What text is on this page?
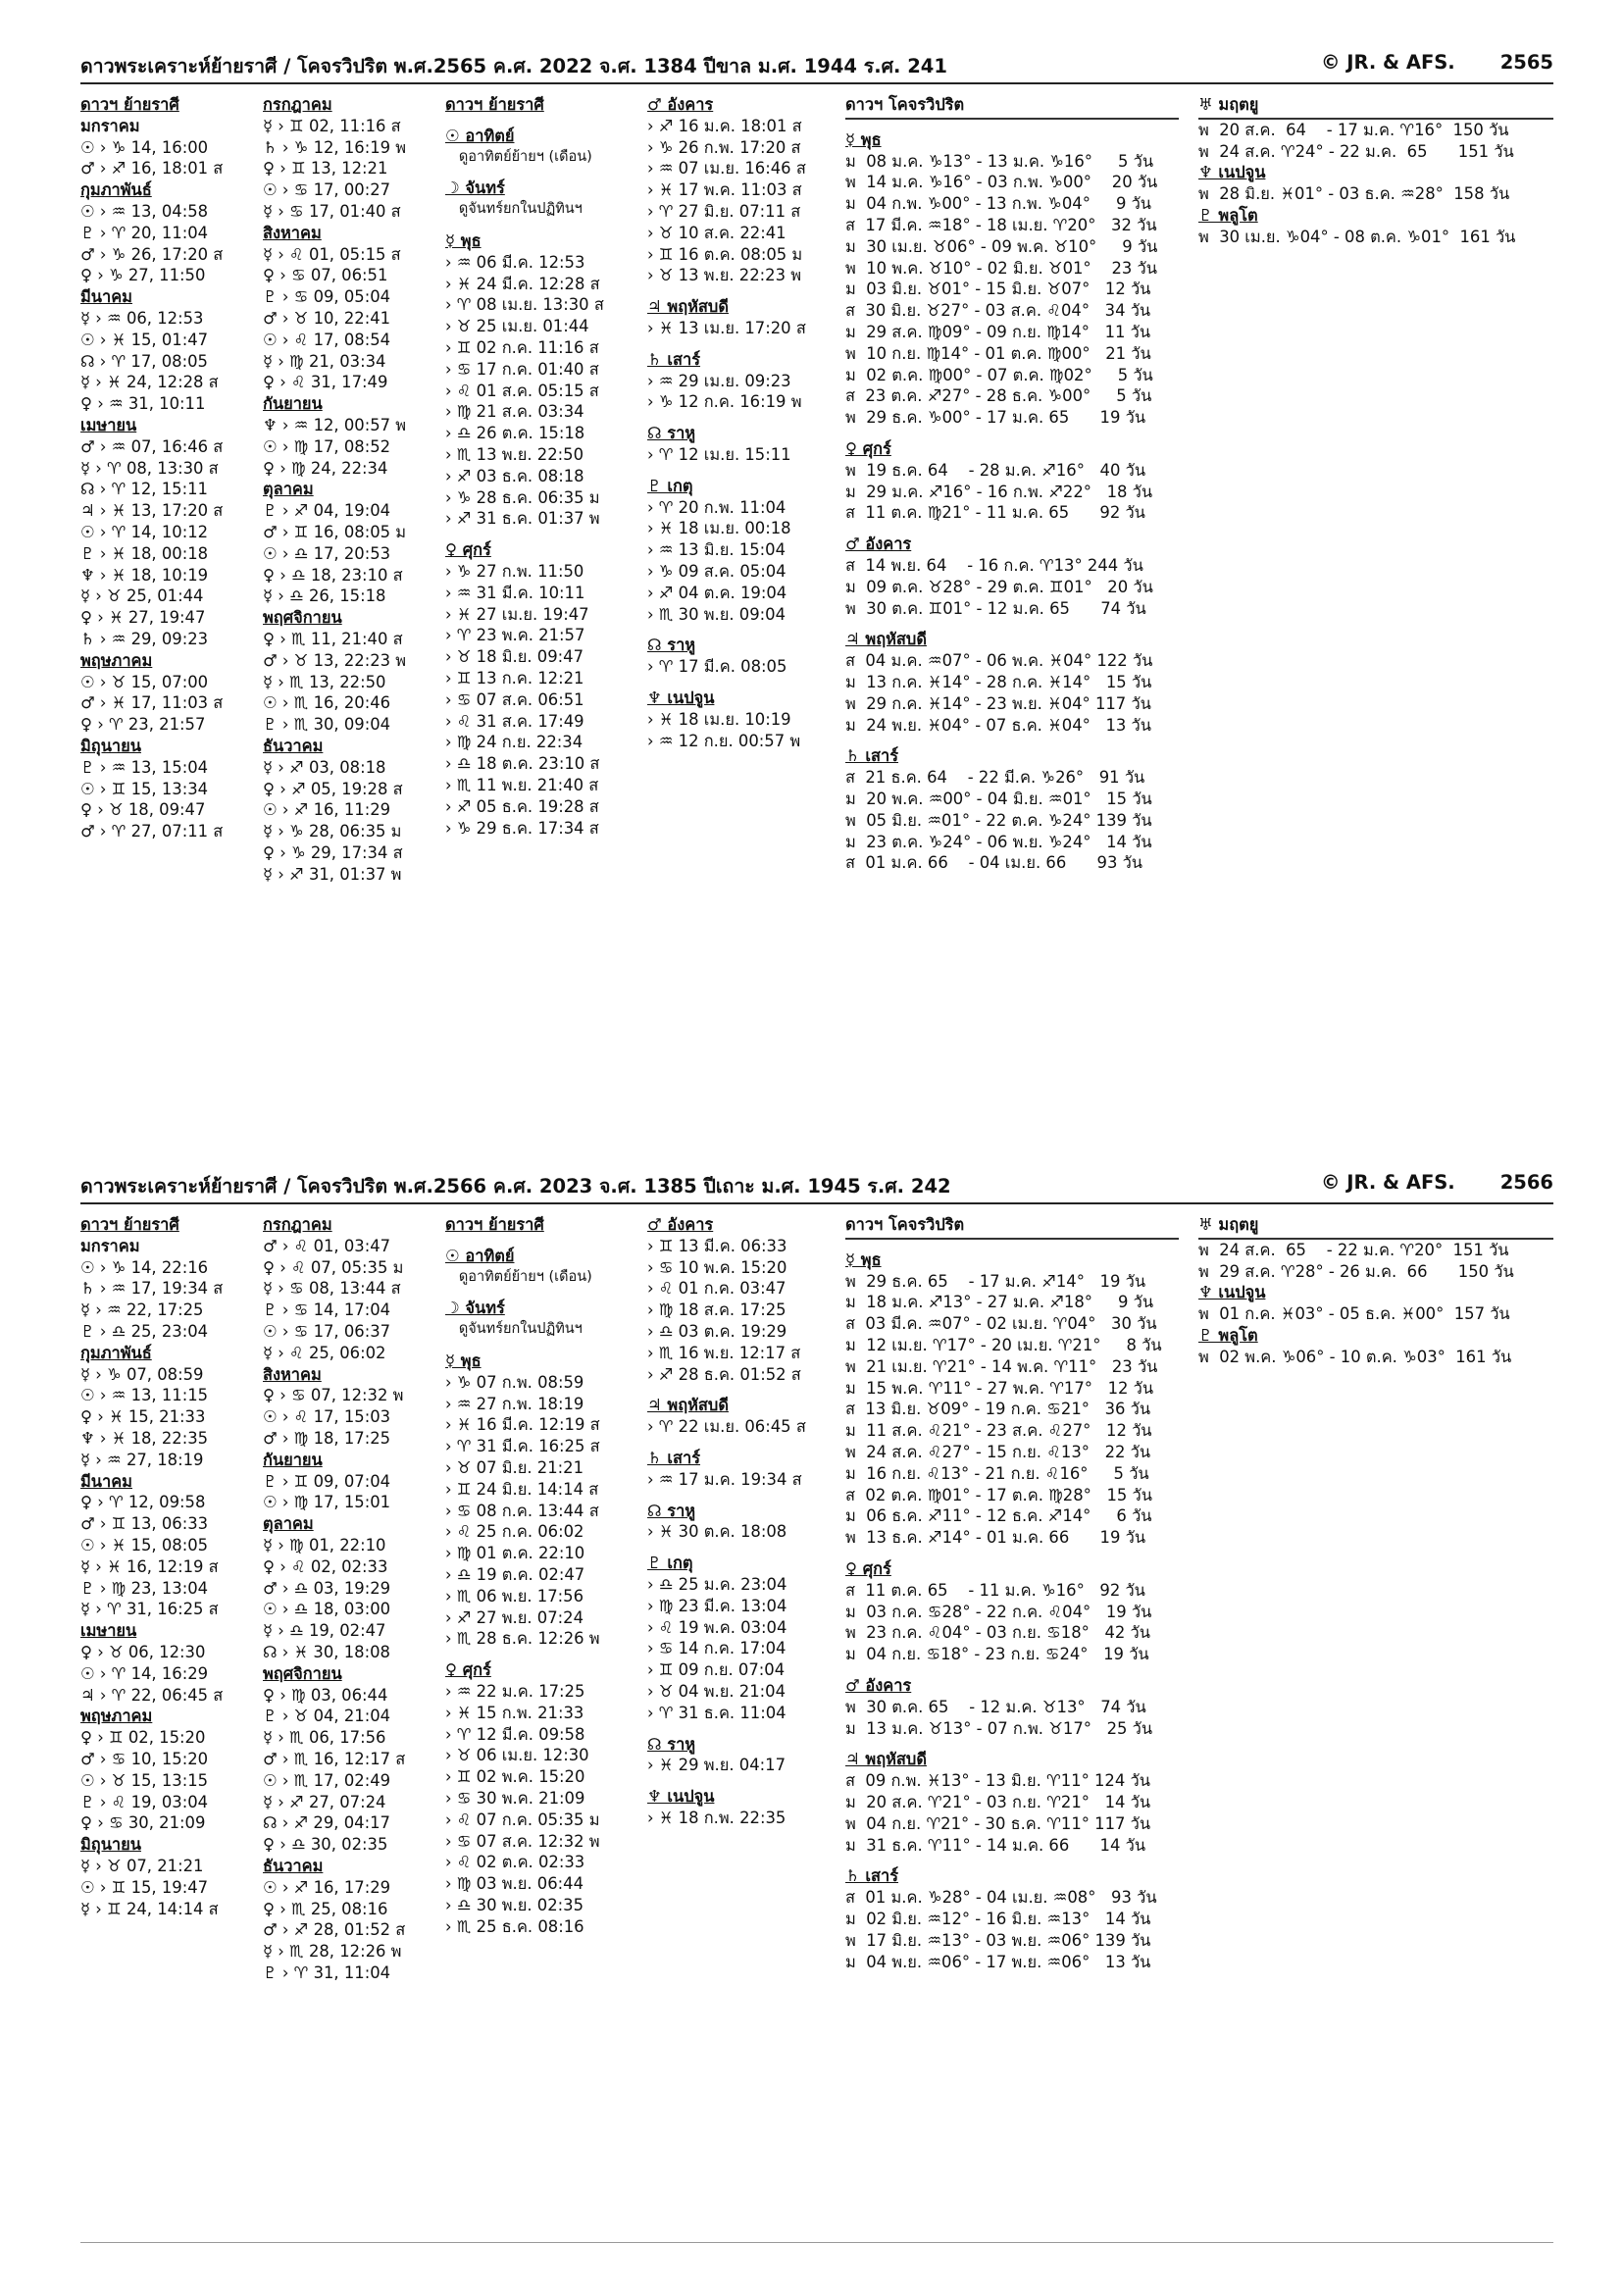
ดาวพระเคราะห์ย้ายราศี / โคจรวิปริต พ.ศ.2565 ค.ศ. 2022 จ.ศ. 1384 ปีขาล ม.ศ. 1944 ร.ศ. 241	© JR. & AFS. 2565
ดาวฯ ย้ายราศี
มกราคม
☉ › ♑ 14, 16:00
♂ › ♐ 16, 18:01 ส
กุมภาพันธ์
☉ › ♒ 13, 04:58
♇ › ♈ 20, 11:04
♂ › ♑ 26, 17:20 ส
♀ › ♑ 27, 11:50
มีนาคม
☿ › ♒ 06, 12:53
☉ › ♓ 15, 01:47
☊ › ♈ 17, 08:05
☿ › ♓ 24, 12:28 ส
♀ › ♒ 31, 10:11
เมษายน
♂ › ♒ 07, 16:46 ส
☿ › ♈ 08, 13:30 ส
☊ › ♈ 12, 15:11
♃ › ♓ 13, 17:20 ส
☉ › ♈ 14, 10:12
♇ › ♓ 18, 00:18
♆ › ♓ 18, 10:19
☿ › ♉ 25, 01:44
♀ › ♓ 27, 19:47
♄ › ♒ 29, 09:23
พฤษภาคม
☉ › ♉ 15, 07:00
♂ › ♓ 17, 11:03 ส
♀ › ♈ 23, 21:57
มิถุนายน
♇ › ♒ 13, 15:04
☉ › ♊ 15, 13:34
♀ › ♉ 18, 09:47
♂ › ♈ 27, 07:11 ส
กรกฎาคม
☿ › ♊ 02, 11:16 ส
♄ › ♑ 12, 16:19 พ
♀ › ♊ 13, 12:21
☉ › ♋ 17, 00:27
☿ › ♋ 17, 01:40 ส
สิงหาคม
☿ › ♌ 01, 05:15 ส
♀ › ♋ 07, 06:51
♇ › ♋ 09, 05:04
♂ › ♉ 10, 22:41
☉ › ♌ 17, 08:54
☿ › ♍ 21, 03:34
♀ › ♌ 31, 17:49
กันยายน
♆ › ♒ 12, 00:57 พ
☉ › ♍ 17, 08:52
♀ › ♍ 24, 22:34
ตุลาคม
♇ › ♐ 04, 19:04
♂ › ♊ 16, 08:05 ม
☉ › ♎ 17, 20:53
♀ › ♎ 18, 23:10 ส
☿ › ♎ 26, 15:18
พฤศจิกายน
♀ › ♏ 11, 21:40 ส
♂ › ♉ 13, 22:23 พ
☿ › ♏ 13, 22:50
☉ › ♏ 16, 20:46
♇ › ♏ 30, 09:04
ธันวาคม
☿ › ♐ 03, 08:18
♀ › ♐ 05, 19:28 ส
☉ › ♐ 16, 11:29
☿ › ♑ 28, 06:35 ม
♀ › ♑ 29, 17:34 ส
☿ › ♐ 31, 01:37 พ
ดาวฯ ย้ายราศี
☉ อาทิตย์
ดูอาทิตย์ย้ายฯ (เดือน)
☽ จันทร์
ดูจันทร์ยกในปฏิทินฯ
☿ พุธ
› ♒ 06 มี.ค. 12:53
› ♓ 24 มี.ค. 12:28 ส
› ♈ 08 เม.ย. 13:30 ส
› ♉ 25 เม.ย. 01:44
› ♊ 02 ก.ค. 11:16 ส
› ♋ 17 ก.ค. 01:40 ส
› ♌ 01 ส.ค. 05:15 ส
› ♍ 21 ส.ค. 03:34
› ♎ 26 ต.ค. 15:18
› ♏ 13 พ.ย. 22:50
› ♐ 03 ธ.ค. 08:18
› ♑ 28 ธ.ค. 06:35 ม
› ♐ 31 ธ.ค. 01:37 พ
♀ ศุกร์
› ♑ 27 ก.พ. 11:50
› ♒ 31 มี.ค. 10:11
› ♓ 27 เม.ย. 19:47
› ♈ 23 พ.ค. 21:57
› ♉ 18 มิ.ย. 09:47
› ♊ 13 ก.ค. 12:21
› ♋ 07 ส.ค. 06:51
› ♌ 31 ส.ค. 17:49
› ♍ 24 ก.ย. 22:34
› ♎ 18 ต.ค. 23:10 ส
› ♏ 11 พ.ย. 21:40 ส
› ♐ 05 ธ.ค. 19:28 ส
› ♑ 29 ธ.ค. 17:34 ส
♂ อังคาร
› ♐ 16 ม.ค. 18:01 ส
› ♑ 26 ก.พ. 17:20 ส
› ♒ 07 เม.ย. 16:46 ส
› ♓ 17 พ.ค. 11:03 ส
› ♈ 27 มิ.ย. 07:11 ส
› ♉ 10 ส.ค. 22:41
› ♊ 16 ต.ค. 08:05 ม
› ♉ 13 พ.ย. 22:23 พ
♃ พฤหัสบดี
› ♓ 13 เม.ย. 17:20 ส
♄ เสาร์
› ♒ 29 เม.ย. 09:23
› ♑ 12 ก.ค. 16:19 พ
☊ ราหู
› ♈ 12 เม.ย. 15:11
♇ เกตุ
› ♈ 20 ก.พ. 11:04
› ♓ 18 เม.ย. 00:18
› ♒ 13 มิ.ย. 15:04
› ♑ 09 ส.ค. 05:04
› ♐ 04 ต.ค. 19:04
› ♏ 30 พ.ย. 09:04
☊ ราหู
› ♈ 17 มี.ค. 08:05
♆ เนปจูน
› ♓ 18 เม.ย. 10:19
› ♒ 12 ก.ย. 00:57 พ
ดาวฯ โคจรวิปริต
☿ พุธ
ม  08 ม.ค. ♑13° - 13 ม.ค. ♑16°     5 วัน
พ  14 ม.ค. ♑16° - 03 ก.พ. ♑00°    20 วัน
ม  04 ก.พ. ♑00° - 13 ก.พ. ♑04°     9 วัน
ส  17 มี.ค. ♒18° - 18 เม.ย. ♈20°   32 วัน
ม  30 เม.ย. ♉06° - 09 พ.ค. ♉10°     9 วัน
พ  10 พ.ค. ♉10° - 02 มิ.ย. ♉01°    23 วัน
ม  03 มิ.ย. ♉01° - 15 มิ.ย. ♉07°   12 วัน
ส  30 มิ.ย. ♉27° - 03 ส.ค. ♌04°   34 วัน
ม  29 ส.ค. ♍09° - 09 ก.ย. ♍14°   11 วัน
พ  10 ก.ย. ♍14° - 01 ต.ค. ♍00°   21 วัน
ม  02 ต.ค. ♍00° - 07 ต.ค. ♍02°     5 วัน
ส  23 ต.ค. ♐27° - 28 ธ.ค. ♑00°     5 วัน
พ  29 ธ.ค. ♑00° - 17 ม.ค. 65      19 วัน
♀ ศุกร์
พ  19 ธ.ค. 64    - 28 ม.ค. ♐16°   40 วัน
ม  29 ม.ค. ♐16° - 16 ก.พ. ♐22°   18 วัน
ส  11 ต.ค. ♍21° - 11 ม.ค. 65      92 วัน
♂ อังคาร
ส  14 พ.ย. 64    - 16 ก.ค. ♈13° 244 วัน
ม  09 ต.ค. ♉28° - 29 ต.ค. ♊01°   20 วัน
พ  30 ต.ค. ♊01° - 12 ม.ค. 65      74 วัน
♃ พฤหัสบดี
ส  04 ม.ค. ♒07° - 06 พ.ค. ♓04° 122 วัน
ม  13 ก.ค. ♓14° - 28 ก.ค. ♓14°   15 วัน
พ  29 ก.ค. ♓14° - 23 พ.ย. ♓04° 117 วัน
ม  24 พ.ย. ♓04° - 07 ธ.ค. ♓04°   13 วัน
♄ เสาร์
ส  21 ธ.ค. 64    - 22 มี.ค. ♑26°   91 วัน
ม  20 พ.ค. ♒00° - 04 มิ.ย. ♒01°   15 วัน
พ  05 มิ.ย. ♒01° - 22 ต.ค. ♑24° 139 วัน
ม  23 ต.ค. ♑24° - 06 พ.ย. ♑24°   14 วัน
ส  01 ม.ค. 66    - 04 เม.ย. 66      93 วัน
♅ มฤตยู
พ  20 ส.ค.  64    - 17 ม.ค. ♈16°  150 วัน
พ  24 ส.ค. ♈24° - 22 ม.ค.  65      151 วัน
♆ เนปจูน
พ  28 มิ.ย. ♓01° - 03 ธ.ค. ♒28°  158 วัน
♇ พลูโต
พ  30 เม.ย. ♑04° - 08 ต.ค. ♑01°  161 วัน
ดาวพระเคราะห์ย้ายราศี / โคจรวิปริต พ.ศ.2566 ค.ศ. 2023 จ.ศ. 1385 ปีเถาะ ม.ศ. 1945 ร.ศ. 242	© JR. & AFS. 2566
ดาวฯ ย้ายราศี
มกราคม
☉ › ♑ 14, 22:16
♄ › ♒ 17, 19:34 ส
☿ › ♒ 22, 17:25
♇ › ♎ 25, 23:04
กุมภาพันธ์
☿ › ♑ 07, 08:59
☉ › ♒ 13, 11:15
♀ › ♓ 15, 21:33
♆ › ♓ 18, 22:35
☿ › ♒ 27, 18:19
มีนาคม
♀ › ♈ 12, 09:58
♂ › ♊ 13, 06:33
☉ › ♓ 15, 08:05
☿ › ♓ 16, 12:19 ส
♇ › ♍ 23, 13:04
☿ › ♈ 31, 16:25 ส
เมษายน
♀ › ♉ 06, 12:30
☉ › ♈ 14, 16:29
♃ › ♈ 22, 06:45 ส
พฤษภาคม
♀ › ♊ 02, 15:20
♂ › ♋ 10, 15:20
☉ › ♉ 15, 13:15
♇ › ♌ 19, 03:04
♀ › ♋ 30, 21:09
มิถุนายน
☿ › ♉ 07, 21:21
☉ › ♊ 15, 19:47
☿ › ♊ 24, 14:14 ส
กรกฎาคม
♂ › ♌ 01, 03:47
♀ › ♌ 07, 05:35 ม
☿ › ♋ 08, 13:44 ส
♇ › ♋ 14, 17:04
☉ › ♋ 17, 06:37
☿ › ♌ 25, 06:02
สิงหาคม
♀ › ♋ 07, 12:32 พ
☉ › ♌ 17, 15:03
♂ › ♍ 18, 17:25
กันยายน
♇ › ♊ 09, 07:04
☉ › ♍ 17, 15:01
ตุลาคม
☿ › ♍ 01, 22:10
♀ › ♌ 02, 02:33
♂ › ♎ 03, 19:29
☉ › ♎ 18, 03:00
☿ › ♎ 19, 02:47
☊ › ♓ 30, 18:08
พฤศจิกายน
♀ › ♍ 03, 06:44
♇ › ♉ 04, 21:04
☿ › ♏ 06, 17:56
♂ › ♏ 16, 12:17 ส
☉ › ♏ 17, 02:49
☿ › ♐ 27, 07:24
☊ › ♐ 29, 04:17
♀ › ♎ 30, 02:35
ธันวาคม
☉ › ♐ 16, 17:29
♀ › ♏ 25, 08:16
♂ › ♐ 28, 01:52 ส
☿ › ♏ 28, 12:26 พ
♇ › ♈ 31, 11:04
ดาวฯ ย้ายราศี
☉ อาทิตย์
ดูอาทิตย์ย้ายฯ (เดือน)
☽ จันทร์
ดูจันทร์ยกในปฏิทินฯ
☿ พุธ
› ♑ 07 ก.พ. 08:59
› ♒ 27 ก.พ. 18:19
› ♓ 16 มี.ค. 12:19 ส
› ♈ 31 มี.ค. 16:25 ส
› ♉ 07 มิ.ย. 21:21
› ♊ 24 มิ.ย. 14:14 ส
› ♋ 08 ก.ค. 13:44 ส
› ♌ 25 ก.ค. 06:02
› ♍ 01 ต.ค. 22:10
› ♎ 19 ต.ค. 02:47
› ♏ 06 พ.ย. 17:56
› ♐ 27 พ.ย. 07:24
› ♏ 28 ธ.ค. 12:26 พ
♀ ศุกร์
› ♒ 22 ม.ค. 17:25
› ♓ 15 ก.พ. 21:33
› ♈ 12 มี.ค. 09:58
› ♉ 06 เม.ย. 12:30
› ♊ 02 พ.ค. 15:20
› ♋ 30 พ.ค. 21:09
› ♌ 07 ก.ค. 05:35 ม
› ♋ 07 ส.ค. 12:32 พ
› ♌ 02 ต.ค. 02:33
› ♍ 03 พ.ย. 06:44
› ♎ 30 พ.ย. 02:35
› ♏ 25 ธ.ค. 08:16
♂ อังคาร
› ♊ 13 มี.ค. 06:33
› ♋ 10 พ.ค. 15:20
› ♌ 01 ก.ค. 03:47
› ♍ 18 ส.ค. 17:25
› ♎ 03 ต.ค. 19:29
› ♏ 16 พ.ย. 12:17 ส
› ♐ 28 ธ.ค. 01:52 ส
♃ พฤหัสบดี
› ♈ 22 เม.ย. 06:45 ส
♄ เสาร์
› ♒ 17 ม.ค. 19:34 ส
☊ ราหู
› ♓ 30 ต.ค. 18:08
♇ เกตุ
› ♎ 25 ม.ค. 23:04
› ♍ 23 มี.ค. 13:04
› ♌ 19 พ.ค. 03:04
› ♋ 14 ก.ค. 17:04
› ♊ 09 ก.ย. 07:04
› ♉ 04 พ.ย. 21:04
› ♈ 31 ธ.ค. 11:04
☊ ราหู
› ♓ 29 พ.ย. 04:17
♆ เนปจูน
› ♓ 18 ก.พ. 22:35
ดาวฯ โคจรวิปริต
☿ พุธ
พ  29 ธ.ค. 65    - 17 ม.ค. ♐14°   19 วัน
ม  18 ม.ค. ♐13° - 27 ม.ค. ♐18°     9 วัน
ส  03 มี.ค. ♒07° - 02 เม.ย. ♈04°   30 วัน
ม  12 เม.ย. ♈17° - 20 เม.ย. ♈21°     8 วัน
พ  21 เม.ย. ♈21° - 14 พ.ค. ♈11°   23 วัน
ม  15 พ.ค. ♈11° - 27 พ.ค. ♈17°   12 วัน
ส  13 มิ.ย. ♉09° - 19 ก.ค. ♋21°   36 วัน
ม  11 ส.ค. ♌21° - 23 ส.ค. ♌27°   12 วัน
พ  24 ส.ค. ♌27° - 15 ก.ย. ♌13°   22 วัน
ม  16 ก.ย. ♌13° - 21 ก.ย. ♌16°     5 วัน
ส  02 ต.ค. ♍01° - 17 ต.ค. ♍28°   15 วัน
ม  06 ธ.ค. ♐11° - 12 ธ.ค. ♐14°     6 วัน
พ  13 ธ.ค. ♐14° - 01 ม.ค. 66      19 วัน
♀ ศุกร์
ส  11 ต.ค. 65    - 11 ม.ค. ♑16°   92 วัน
ม  03 ก.ค. ♋28° - 22 ก.ค. ♌04°   19 วัน
พ  23 ก.ค. ♌04° - 03 ก.ย. ♋18°   42 วัน
ม  04 ก.ย. ♋18° - 23 ก.ย. ♋24°   19 วัน
♂ อังคาร
พ  30 ต.ค. 65    - 12 ม.ค. ♉13°   74 วัน
ม  13 ม.ค. ♉13° - 07 ก.พ. ♉17°   25 วัน
♃ พฤหัสบดี
ส  09 ก.พ. ♓13° - 13 มิ.ย. ♈11° 124 วัน
ม  20 ส.ค. ♈21° - 03 ก.ย. ♈21°   14 วัน
พ  04 ก.ย. ♈21° - 30 ธ.ค. ♈11° 117 วัน
ม  31 ธ.ค. ♈11° - 14 ม.ค. 66      14 วัน
♄ เสาร์
ส  01 ม.ค. ♑28° - 04 เม.ย. ♒08°   93 วัน
ม  02 มิ.ย. ♒12° - 16 มิ.ย. ♒13°   14 วัน
พ  17 มิ.ย. ♒13° - 03 พ.ย. ♒06° 139 วัน
ม  04 พ.ย. ♒06° - 17 พ.ย. ♒06°   13 วัน
♅ มฤตยู
พ  24 ส.ค.  65    - 22 ม.ค. ♈20°  151 วัน
พ  29 ส.ค. ♈28° - 26 ม.ค.  66      150 วัน
♆ เนปจูน
พ  01 ก.ค. ♓03° - 05 ธ.ค. ♓00°  157 วัน
♇ พลูโต
พ  02 พ.ค. ♑06° - 10 ต.ค. ♑03°  161 วัน
